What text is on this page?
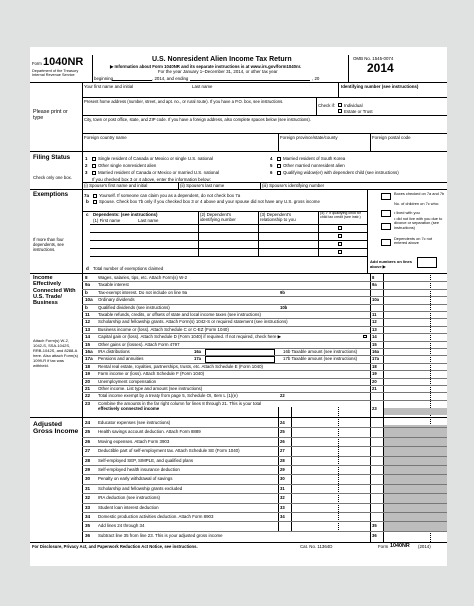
Form 1040NR
Department of the Treasury
Internal Revenue Service
U.S. Nonresident Alien Income Tax Return
▶ Information about Form 1040NR and its separate instructions is at www.irs.gov/form1040nr.
For the year January 1–December 31, 2014, or other tax year
OMB No. 1545-0074
2014
beginning	, 2014, and ending	, 20
Your first name and initial	Last name	Identifying number (see instructions)
Please print or type
Present home address (number, street, and apt. no., or rural route). If you have a P.O. box, see instructions.
Check if: Individual
Estate or Trust
City, town or post office, state, and ZIP code. If you have a foreign address, also complete spaces below (see instructions).
Foreign country name	Foreign province/state/county	Foreign postal code
Filing Status
Check only one box.
1 Single resident of Canada or Mexico or single U.S. national
2 Other single nonresident alien
3 Married resident of Canada or Mexico or married U.S. national
4 Married resident of South Korea
5 Other married nonresident alien
6 Qualifying widow(er) with dependent child (see instructions)
If you checked box 3 or 4 above, enter the information below:
(i) Spouse's first name and initial	(ii) Spouse's last name	(iii) Spouse's identifying number
Exemptions
If more than four dependents, see instructions.
7a Yourself. If someone can claim you as a dependent, do not check box 7a
b Spouse. Check box 7b only if you checked box 3 or 4 above and your spouse did not have any U.S. gross income
c Dependents: (see instructions)
(1) First name	Last name
(2) Dependent's identifying number
(3) Dependent's relationship to you
(4) ✓ if qualifying child for child tax credit (see instr.)
Boxes checked on 7a and 7b
No. of children on 7c who:
• lived with you
• did not live with you due to divorce or separation (see instructions)
Dependents on 7c not entered above
Add numbers on lines above ▶
d Total number of exemptions claimed
Income Effectively Connected With U.S. Trade/ Business
Attach Form(s) W-2, 1042-S, SSA-1042S, RRB-1042S, and 8288-A here. Also attach Form(s) 1099-R if tax was withheld.
Adjusted Gross Income
For Disclosure, Privacy Act, and Paperwork Reduction Act Notice, see instructions.	Cat. No. 11364D	Form 1040NR (2014)
8 Wages, salaries, tips, etc. Attach Form(s) W-2	8
9a Taxable interest	9a
b Tax-exempt interest. Do not include on line 9a	9b
10a Ordinary dividends	10a
b Qualified dividends (see instructions)	10b
11 Taxable refunds, credits, or offsets of state and local income taxes (see instructions)	11
12 Scholarship and fellowship grants. Attach Form(s) 1042-S or required statement (see instructions)	12
13 Business income or (loss). Attach Schedule C or C-EZ (Form 1040)	13
14 Capital gain or (loss). Attach Schedule D (Form 1040) if required. If not required, check here ▶	14
15 Other gains or (losses). Attach Form 4797	15
16a IRA distributions	16a	16b Taxable amount (see instructions)	16a
17a Pensions and annuities	17a	17b Taxable amount (see instructions)	17a
18 Rental real estate, royalties, partnerships, trusts, etc. Attach Schedule E (Form 1040)	18
19 Farm income or (loss). Attach Schedule F (Form 1040)	19
20 Unemployment compensation	20
21 Other income. List type and amount (see instructions)	21
22 Total income exempt by a treaty from page 5, Schedule OI, Item L (1)(e)	22
23 Combine the amounts in the far right column for lines 8 through 21. This is your total
effectively connected income	23
24 Educator expenses (see instructions)	24
25 Health savings account deduction. Attach Form 8889	25
26 Moving expenses. Attach Form 3903	26
27 Deductible part of self-employment tax. Attach Schedule SE (Form 1040)	27
28 Self-employed SEP, SIMPLE, and qualified plans	28
29 Self-employed health insurance deduction	29
30 Penalty on early withdrawal of savings	30
31 Scholarship and fellowship grants excluded	31
32 IRA deduction (see instructions)	32
33 Student loan interest deduction	33
34 Domestic production activities deduction. Attach Form 8903	34
35 Add lines 24 through 34	35
36 Subtract line 35 from line 23. This is your adjusted gross income	36
